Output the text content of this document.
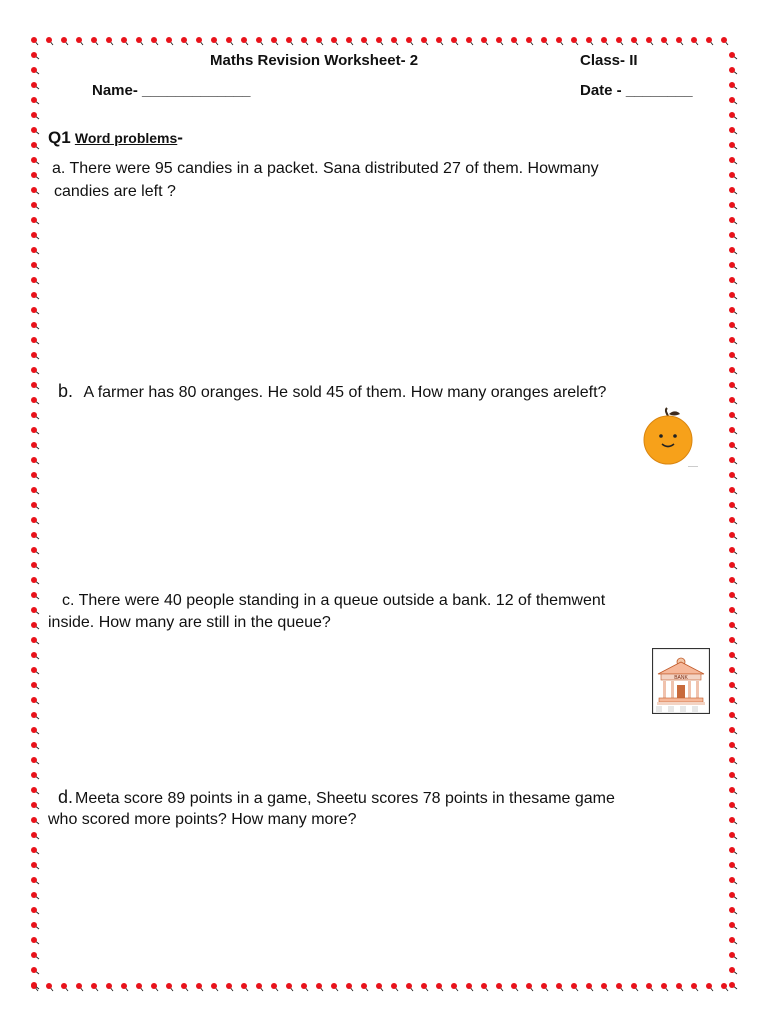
Maths Revision Worksheet- 2	Class- II
Name- _____________	Date - ________
Q1 Word problems-
a. There were 95 candies in a packet. Sana distributed 27 of them. Howmany
candies are left ?
b. A farmer has 80 oranges. He sold 45 of them. How many oranges areleft?
c. There were 40 people standing in a queue outside a bank. 12 of themwent
inside. How many are still in the queue?
BANK
d. Meeta score 89 points in a game, Sheetu scores 78 points in thesame game
who scored more points? How many more?
